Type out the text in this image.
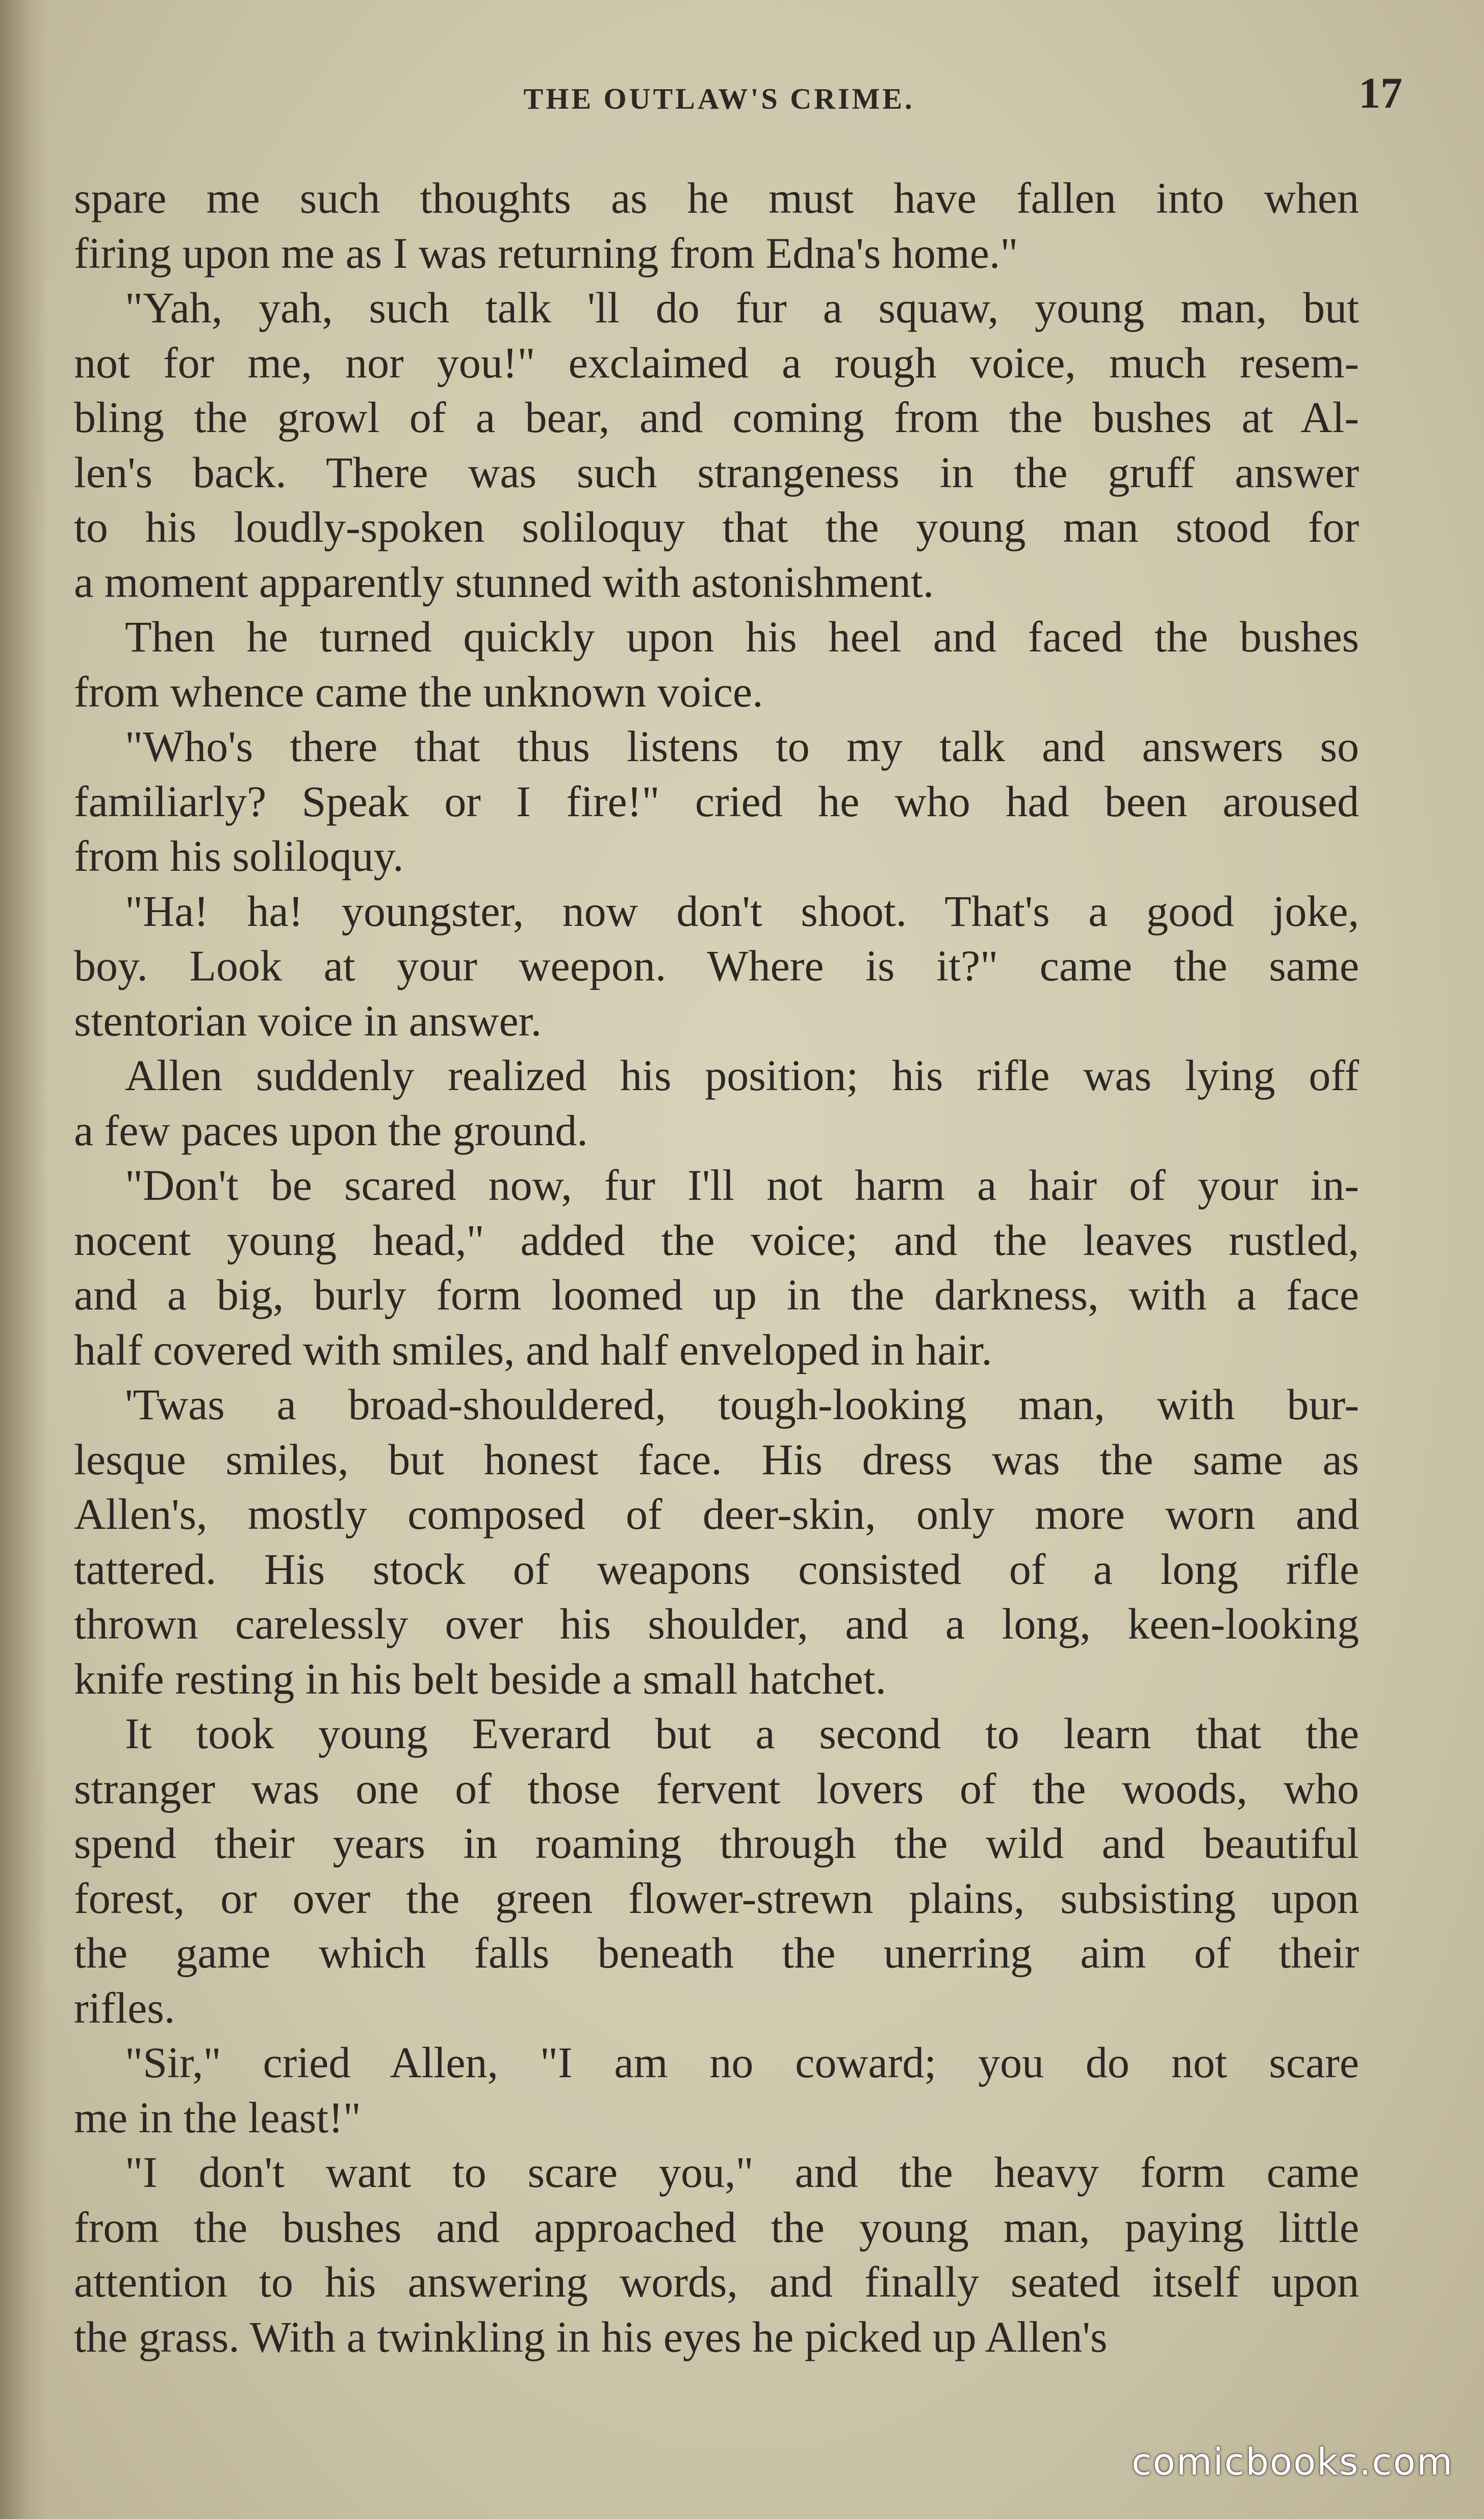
THE OUTLAW'S CRIME.	17
spare me such thoughts as he must have fallen into when
firing upon me as I was returning from Edna's home."
"Yah, yah, such talk 'll do fur a squaw, young man, but
not for me, nor you!" exclaimed a rough voice, much resem-
bling the growl of a bear, and coming from the bushes at Al-
len's back. There was such strangeness in the gruff answer
to his loudly-spoken soliloquy that the young man stood for
a moment apparently stunned with astonishment.
Then he turned quickly upon his heel and faced the bushes
from whence came the unknown voice.
"Who's there that thus listens to my talk and answers so
familiarly? Speak or I fire!" cried he who had been aroused
from his soliloquy.
"Ha! ha! youngster, now don't shoot. That's a good joke,
boy. Look at your weepon. Where is it?" came the same
stentorian voice in answer.
Allen suddenly realized his position; his rifle was lying off
a few paces upon the ground.
"Don't be scared now, fur I'll not harm a hair of your in-
nocent young head," added the voice; and the leaves rustled,
and a big, burly form loomed up in the darkness, with a face
half covered with smiles, and half enveloped in hair.
'Twas a broad-shouldered, tough-looking man, with bur-
lesque smiles, but honest face. His dress was the same as
Allen's, mostly composed of deer-skin, only more worn and
tattered. His stock of weapons consisted of a long rifle
thrown carelessly over his shoulder, and a long, keen-looking
knife resting in his belt beside a small hatchet.
It took young Everard but a second to learn that the
stranger was one of those fervent lovers of the woods, who
spend their years in roaming through the wild and beautiful
forest, or over the green flower-strewn plains, subsisting upon
the game which falls beneath the unerring aim of their
rifles.
"Sir," cried Allen, "I am no coward; you do not scare
me in the least!"
"I don't want to scare you," and the heavy form came
from the bushes and approached the young man, paying little
attention to his answering words, and finally seated itself upon
the grass. With a twinkling in his eyes he picked up Allen's
comicbooks.com
